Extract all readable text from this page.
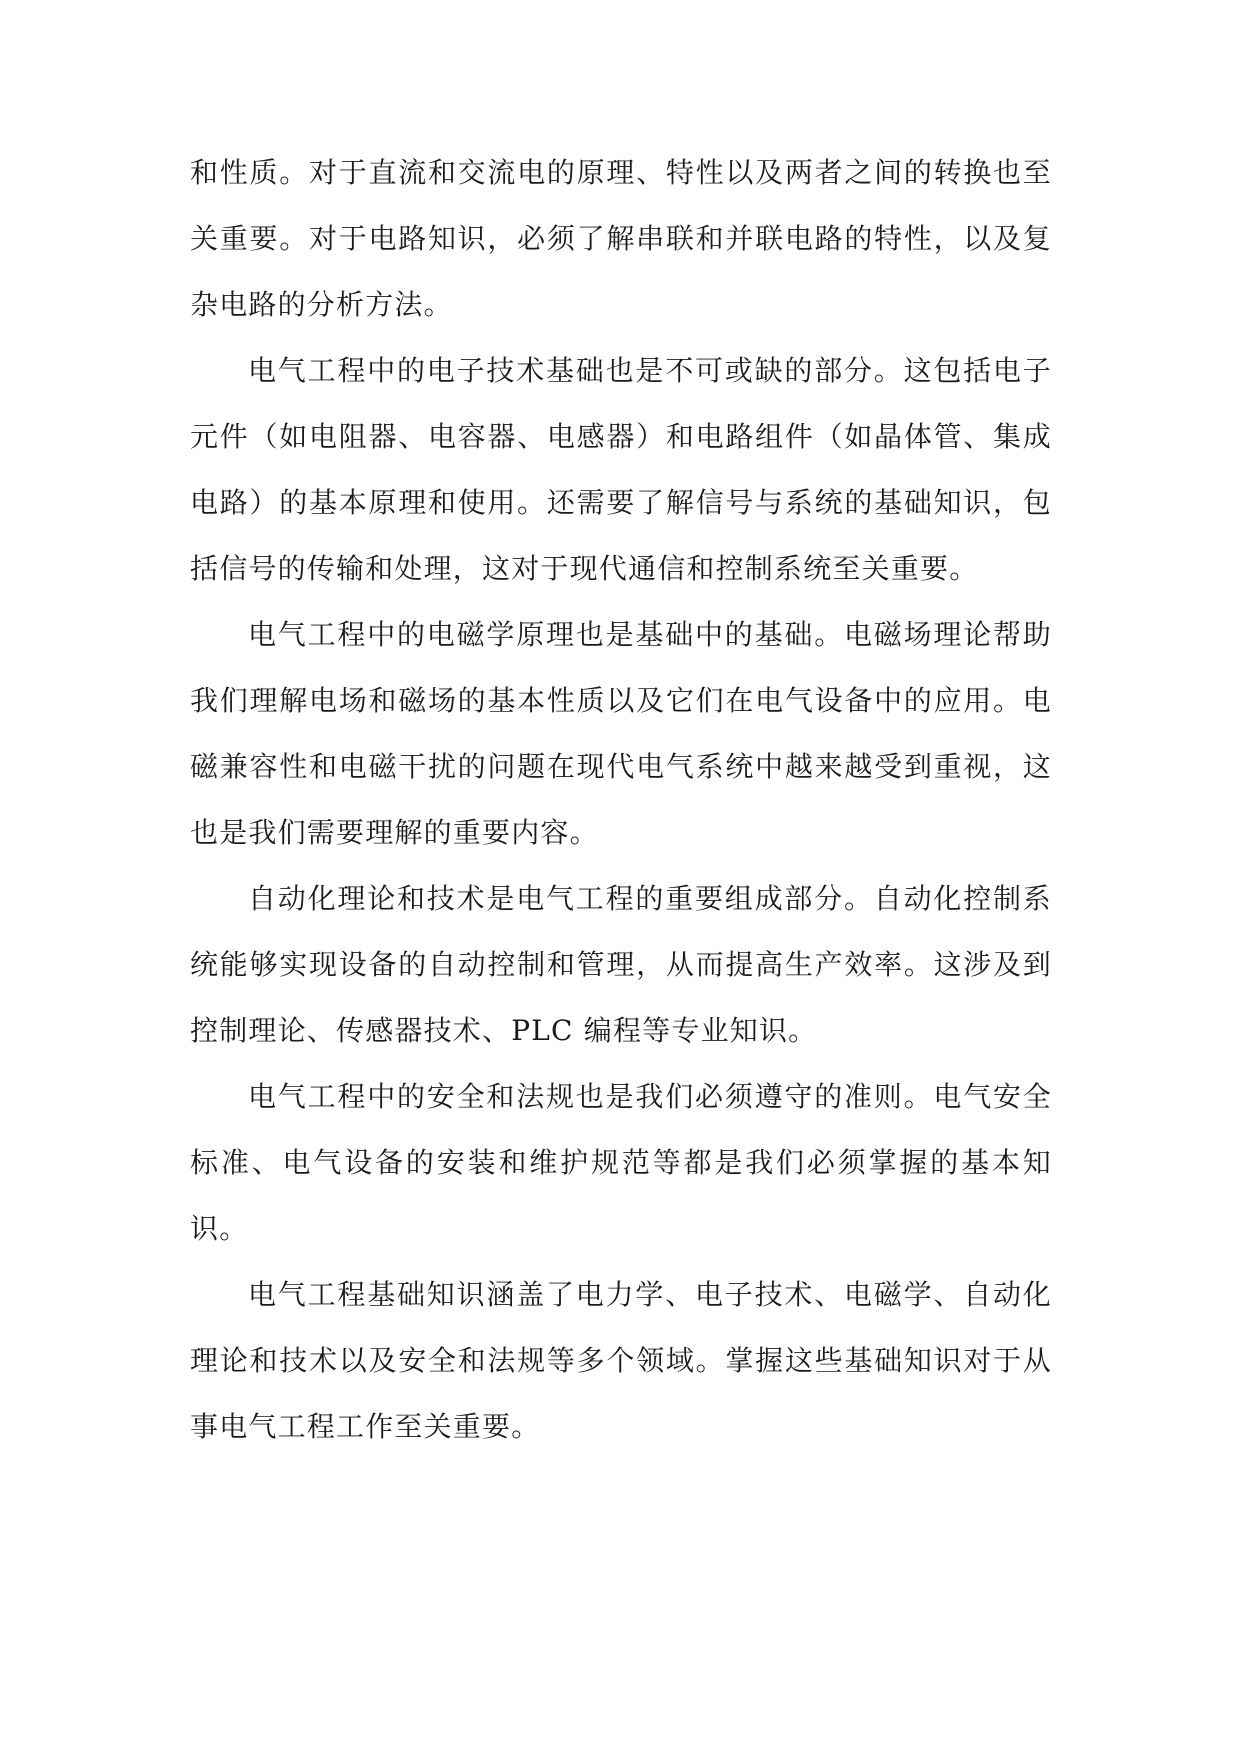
和性质。对于直流和交流电的原理、特性以及两者之间的转换也至关重要。对于电路知识，必须了解串联和并联电路的特性，以及复杂电路的分析方法。

电气工程中的电子技术基础也是不可或缺的部分。这包括电子元件（如电阻器、电容器、电感器）和电路组件（如晶体管、集成电路）的基本原理和使用。还需要了解信号与系统的基础知识，包括信号的传输和处理，这对于现代通信和控制系统至关重要。

电气工程中的电磁学原理也是基础中的基础。电磁场理论帮助我们理解电场和磁场的基本性质以及它们在电气设备中的应用。电磁兼容性和电磁干扰的问题在现代电气系统中越来越受到重视，这也是我们需要理解的重要内容。

自动化理论和技术是电气工程的重要组成部分。自动化控制系统能够实现设备的自动控制和管理，从而提高生产效率。这涉及到控制理论、传感器技术、PLC 编程等专业知识。

电气工程中的安全和法规也是我们必须遵守的准则。电气安全标准、电气设备的安装和维护规范等都是我们必须掌握的基本知识。

电气工程基础知识涵盖了电力学、电子技术、电磁学、自动化理论和技术以及安全和法规等多个领域。掌握这些基础知识对于从事电气工程工作至关重要。
